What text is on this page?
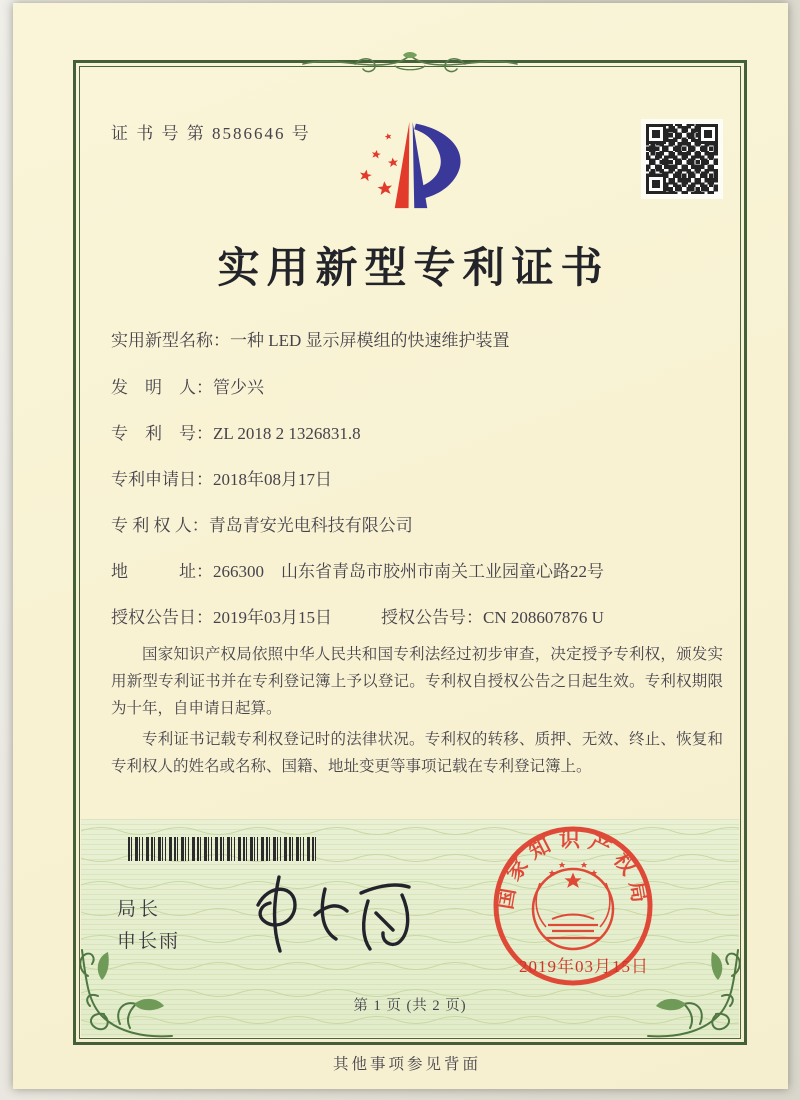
证 书 号 第 8586646 号
实用新型专利证书
实用新型名称：一种 LED 显示屏模组的快速维护装置
发　明　人：管少兴
专　利　号：ZL 2018 2 1326831.8
专利申请日：2018年08月17日
专 利 权 人：青岛青安光电科技有限公司
地　　　址：266300　山东省青岛市胶州市南关工业园童心路22号
授权公告日：2019年03月15日	授权公告号：CN 208607876 U

国家知识产权局依照中华人民共和国专利法经过初步审查，决定授予专利权，颁发实用新型专利证书并在专利登记簿上予以登记。专利权自授权公告之日起生效。专利权期限为十年，自申请日起算。

专利证书记载专利权登记时的法律状况。专利权的转移、质押、无效、终止、恢复和专利权人的姓名或名称、国籍、地址变更等事项记载在专利登记簿上。

局长
申长雨
国家知识产权局
2019年03月15日
第 1 页 (共 2 页)
其他事项参见背面
